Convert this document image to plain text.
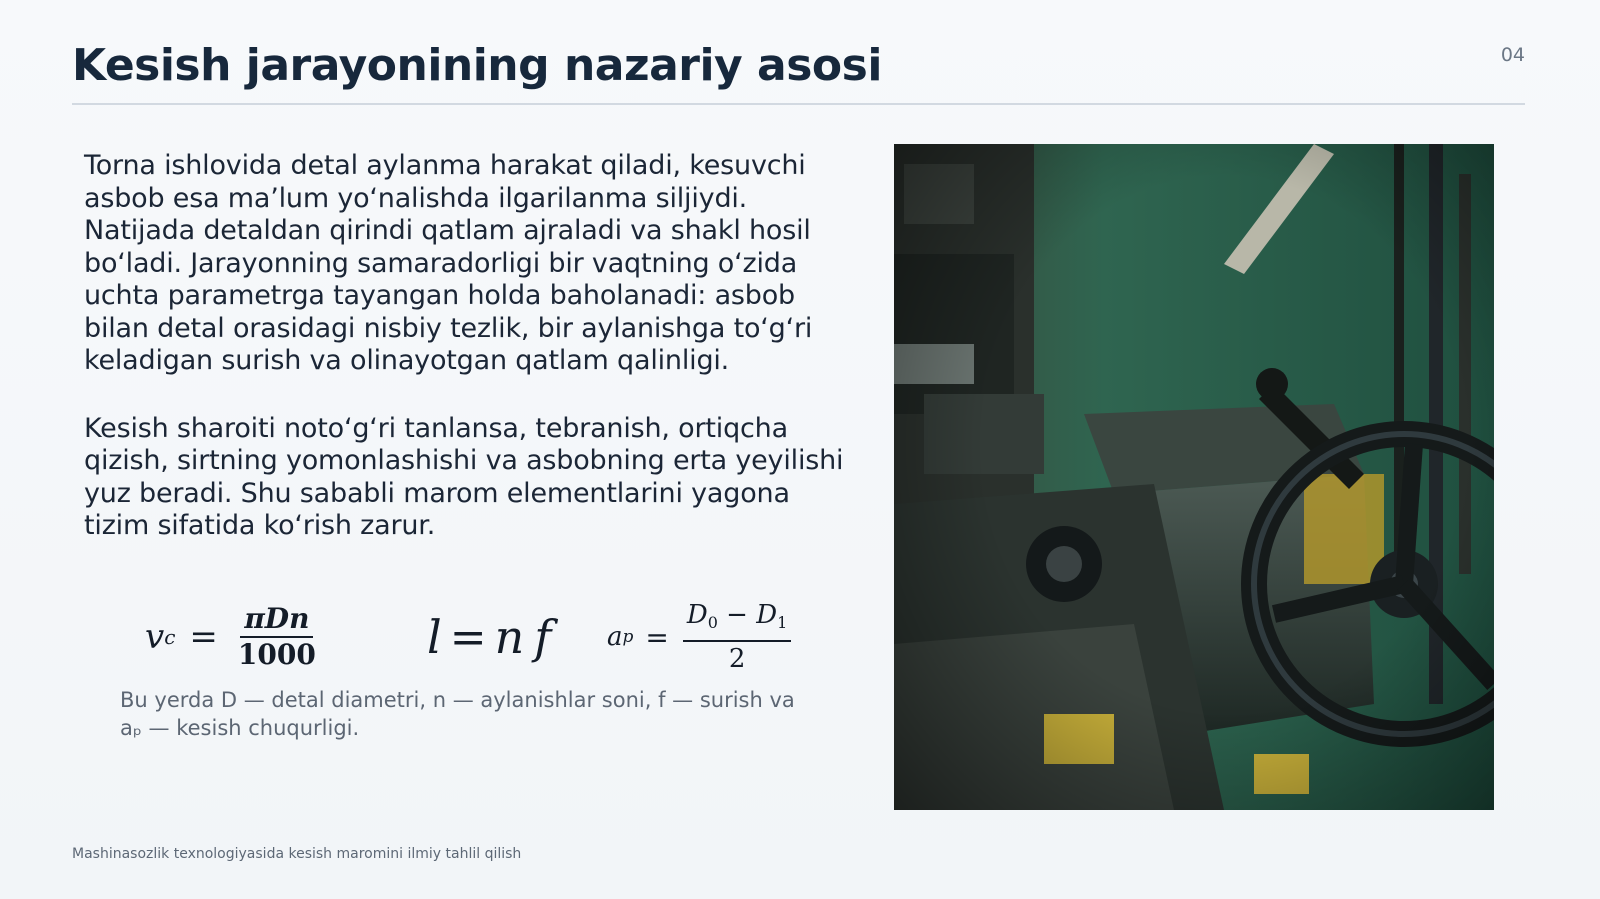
Kesish jarayonining nazariy asosi	04

Torna ishlovida detal aylanma harakat qiladi, kesuvchi asbob esa ma’lum yo‘nalishda ilgarilanma siljiydi. Natijada detaldan qirindi qatlam ajraladi va shakl hosil bo‘ladi. Jarayonning samaradorligi bir vaqtning o‘zida uchta parametrga tayangan holda baholanadi: asbob bilan detal orasidagi nisbiy tezlik, bir aylanishga to‘g‘ri keladigan surish va olinayotgan qatlam qalinligi.

Kesish sharoiti noto‘g‘ri tanlansa, tebranish, ortiqcha qizish, sirtning yomonlashishi va asbobning erta yeyilishi yuz beradi. Shu sababli marom elementlarini yagona tizim sifatida ko‘rish zarur.

v $c = \frac{\text{πDn}}{1000}$ l = n f a $p = \frac{D0 - D1}{2}$

Bu yerda D — detal diametri, n — aylanishlar soni, f — surish va aₚ — kesish chuqurligi.

Mashinasozlik texnologiyasida kesish maromini ilmiy tahlil qilish
